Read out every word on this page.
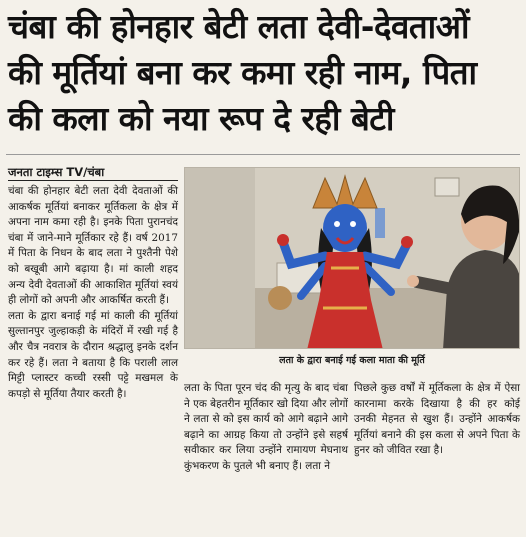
चंबा की होनहार बेटी लता देवी-देवताओं
की मूर्तियां बना कर कमा रही नाम, पिता
की कला को नया रूप दे रही बेटी
जनता टाइम्स TV/चंबा

चंबा की होनहार बेटी लता देवी देवताओं की आकर्षक मूर्तियां बनाकर मूर्तिकला के क्षेत्र में अपना नाम कमा रही है। इनके पिता पुरानचंद चंबा में जाने-माने मूर्तिकार रहे हैं। वर्ष 2017 में पिता के निधन के बाद लता ने पुश्तैनी पेशे को बखूबी आगे बढ़ाया है। मां काली शहद अन्य देवी देवताओं की आकाशित मूर्तियां स्वयं ही लोगों को अपनी और आकर्षित करती हैं।

लता के द्वारा बनाई गई मां काली की मूर्तियां सुल्तानपुर जुल्हाकड़ी के मंदिरों में रखी गई है और चैत्र नवरात्र के दौरान श्रद्धालु इनके दर्शन कर रहे हैं। लता ने बताया है कि पराली लाल मिट्टी प्लास्टर कच्ची रस्सी पट्टे मखमल के कपड़ो से मूर्तिया तैयार करती है।

लता के द्वारा बनाई गई कला माता की मूर्ति

लता के पिता पूरन चंद की मृत्यु के बाद चंबा ने एक बेहतरीन मूर्तिकार खो दिया और लोगों ने लता से को इस कार्य को आगे बढ़ाने आगे बढ़ाने का आग्रह किया तो उन्होंने इसे सहर्ष सवीकार कर लिया उन्होंने रामायण मेघनाथ कुंभकरण के पुतले भी बनाए हैं। लता ने

पिछले कुछ वर्षों में मूर्तिकला के क्षेत्र में ऐसा कारनामा करके दिखाया है की हर कोई उनकी मेहनत से खुश हैं। उन्होंने आकर्षक मूर्तियां बनाने की इस कला से अपने पिता के हुनर को जीवित रखा है।
